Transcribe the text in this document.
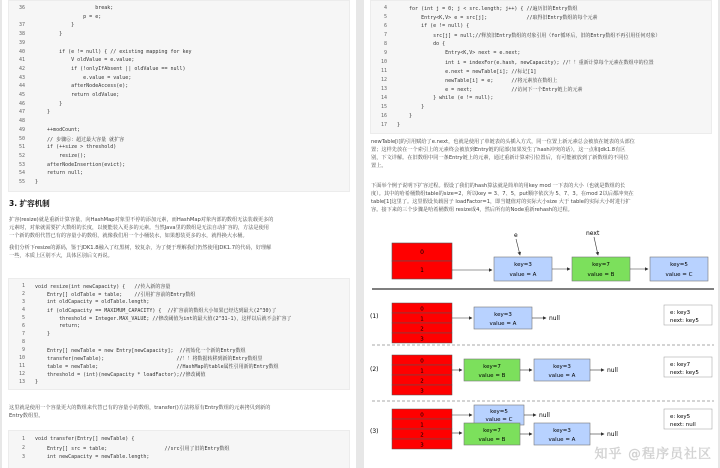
36 break;
p = e;
37 }
38 }
39
40 if (e != null) { // existing mapping for key
41 V oldValue = e.value;
42 if (!onlyIfAbsent || oldValue == null)
43 e.value = value;
44 afterNodeAccess(e);
45 return oldValue;
46 }
47 }
48
49 ++modCount;
50 // 步骤⑥：超过最大容量 就扩容
51 if (++size > threshold)
52 resize();
53 afterNodeInsertion(evict);
54 return null;
55 }
3. 扩容机制
扩容(resize)就是重新计算容量，向HashMap对象里不停的添加元素，而HashMap对象内部的数组无法装载更多的
元素时，对象就需要扩大数组的长度，以便能装入更多的元素。当然Java里的数组是无法自动扩容的，方法是使用
一个新的数组代替已有的容量小的数组，就像我们用一个小桶装水，如果想装更多的水，就得换大水桶。
我们分析下resize的源码，鉴于JDK1.8融入了红黑树，较复杂，为了便于理解我们仍然使用JDK1.7的代码，好理解
一些，本质上区别不大，具体区别后文再说。
1 void resize(int newCapacity) {   //传入新的容量
2 Entry[] oldTable = table;    //引用扩容前的Entry数组
3 int oldCapacity = oldTable.length;
4 if (oldCapacity == MAXIMUM_CAPACITY) {  //扩容前的数组大小如果已经达到最大(2^30)了
5 threshold = Integer.MAX_VALUE; //修改阈值为int的最大值(2^31-1)，这样以后就不会扩容了
6 return;
7 }
8
9 Entry[] newTable = new Entry[newCapacity];  //初始化一个新的Entry数组
10 transfer(newTable);                        //！！将数据转移到新的Entry数组里
11 table = newTable;                          //HashMap的table属性引用新的Entry数组
12 threshold = (int)(newCapacity * loadFactor);//修改阈值
13 }
这里就是使用一个容量更大的数组来代替已有的容量小的数组，transfer()方法将原有Entry数组的元素拷贝到新的
Entry数组里。
1 void transfer(Entry[] newTable) {
2 Entry[] src = table;                   //src引用了旧的Entry数组
3 int newCapacity = newTable.length;
4 for (int j = 0; j < src.length; j++) { //遍历旧的Entry数组
5 Entry<K,V> e = src[j];             //取得旧Entry数组的每个元素
6 if (e != null) {
7 src[j] = null;//释放旧Entry数组的对象引用（for循环后，旧的Entry数组不再引用任何对象）
8 do {
9 Entry<K,V> next = e.next;
10 int i = indexFor(e.hash, newCapacity); //！！重新计算每个元素在数组中的位置
11 e.next = newTable[i]; //标记[1]
12 newTable[i] = e;      //将元素放在数组上
13 e = next;             //访问下一个Entry链上的元素
14 } while (e != null);
15 }
16 }
17 }
newTable[i]的引用赋给了e.next，也就是使用了单链表的头插入方式，同一位置上新元素总会被放在链表的头部位
置；这样先放在一个索引上的元素终会被放到Entry链的尾部(如果发生了hash冲突的话），这一点和Jdk1.8有区
别，下文详解。在旧数组中同一条Entry链上的元素，通过重新计算索引位置后，有可能被放到了新数组的不同位
置上。
下面举个例子说明下扩容过程。假设了我们的hash算法就是简单的用key mod 一下表的大小（也就是数组的长
度）。其中的哈希桶数组table的size=2，所以key = 3、7、5，put顺序依次为 5、7、3。在mod 2以后都冲突在
table[1]这里了。这里假设负载因子 loadFactor=1，即当键值对的实际大小size 大于 table的实际大小时进行扩
容。接下来的三个步骤是哈希桶数组 resize成4，然后所有的Node重新rehash的过程。
0
1
key=3
value = A
key=7
value = B
key=5
value = C
e	next
(1)
0
1
2
3
key=3
value = A
null
e: key3
next: key5
(2)
0
1
2
3
key=7
value = B
key=3
value = A
null
e: key7
next: key5
(3)
0
1
2
3
key=5
value = C
null
key=7
value = B
key=3
value = A
null
e: key5
next: null
知乎 @程序员社区
